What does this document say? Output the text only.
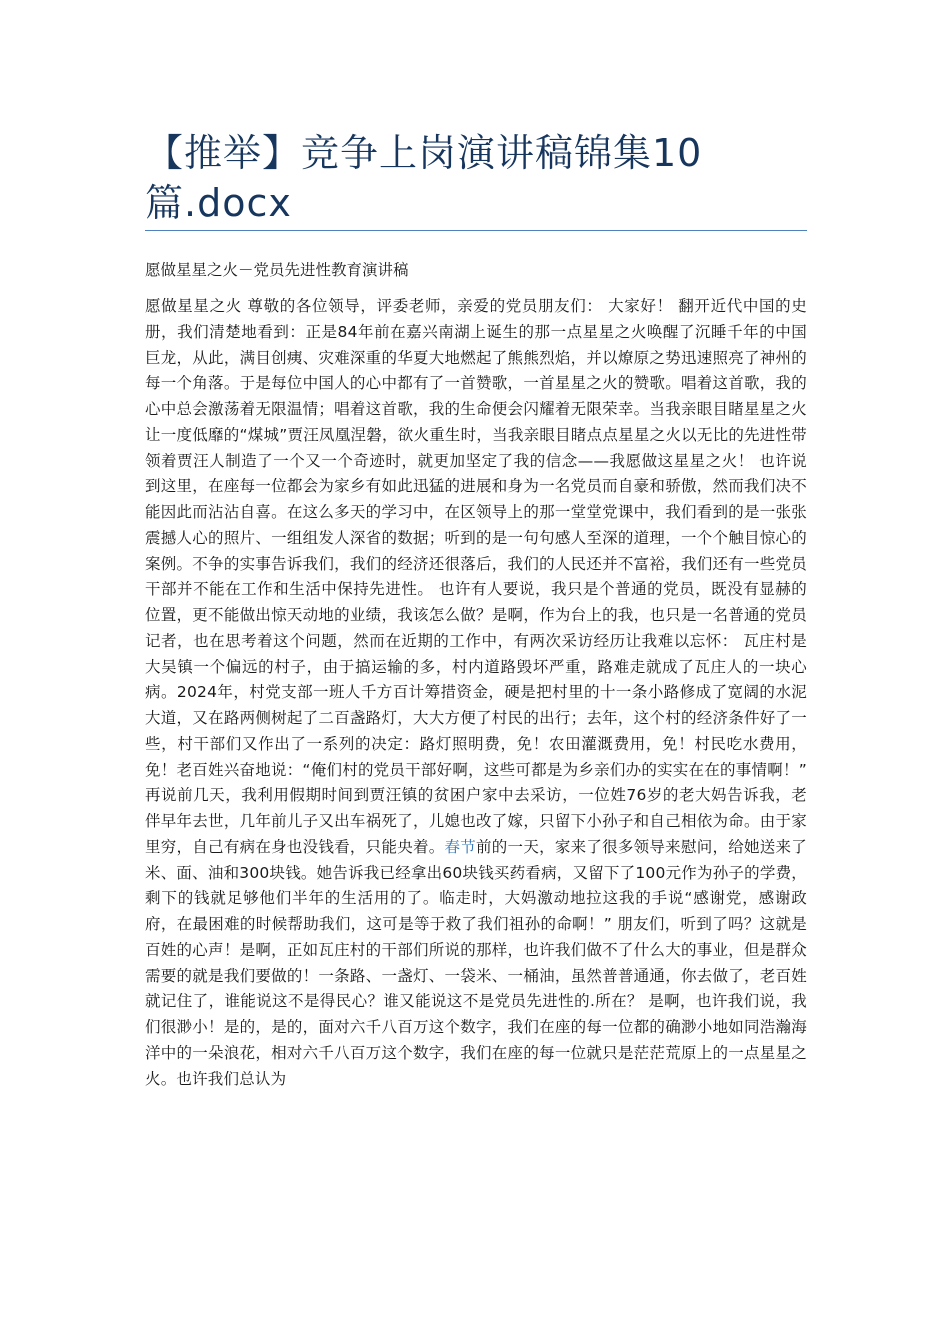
【推举】竞争上岗演讲稿锦集10篇.docx

愿做星星之火－党员先进性教育演讲稿

愿做星星之火 尊敬的各位领导，评委老师，亲爱的党员朋友们： 大家好！ 翻开近代中国的史册，我们清楚地看到：正是84年前在嘉兴南湖上诞生的那一点星星之火唤醒了沉睡千年的中国巨龙，从此，满目创痍、灾难深重的华夏大地燃起了熊熊烈焰，并以燎原之势迅速照亮了神州的每一个角落。于是每位中国人的心中都有了一首赞歌，一首星星之火的赞歌。唱着这首歌，我的心中总会激荡着无限温情；唱着这首歌，我的生命便会闪耀着无限荣幸。当我亲眼目睹星星之火让一度低靡的“煤城”贾汪凤凰涅磐，欲火重生时，当我亲眼目睹点点星星之火以无比的先进性带领着贾汪人制造了一个又一个奇迹时，就更加坚定了我的信念——我愿做这星星之火！ 也许说到这里，在座每一位都会为家乡有如此迅猛的进展和身为一名党员而自豪和骄傲，然而我们决不能因此而沾沾自喜。在这么多天的学习中，在区领导上的那一堂堂党课中，我们看到的是一张张震撼人心的照片、一组组发人深省的数据；听到的是一句句感人至深的道理，一个个触目惊心的案例。不争的实事告诉我们，我们的经济还很落后，我们的人民还并不富裕，我们还有一些党员干部并不能在工作和生活中保持先进性。 也许有人要说，我只是个普通的党员，既没有显赫的位置，更不能做出惊天动地的业绩，我该怎么做？是啊，作为台上的我，也只是一名普通的党员记者，也在思考着这个问题，然而在近期的工作中，有两次采访经历让我难以忘怀： 瓦庄村是大吴镇一个偏远的村子，由于搞运输的多，村内道路毁坏严重，路难走就成了瓦庄人的一块心病。2024年，村党支部一班人千方百计筹措资金，硬是把村里的十一条小路修成了宽阔的水泥大道，又在路两侧树起了二百盏路灯，大大方便了村民的出行；去年，这个村的经济条件好了一些，村干部们又作出了一系列的决定：路灯照明费，免！农田灌溉费用，免！村民吃水费用，免！老百姓兴奋地说：“俺们村的党员干部好啊，这些可都是为乡亲们办的实实在在的事情啊！” 再说前几天，我利用假期时间到贾汪镇的贫困户家中去采访，一位姓76岁的老大妈告诉我，老伴早年去世，几年前儿子又出车祸死了，儿媳也改了嫁，只留下小孙子和自己相依为命。由于家里穷，自己有病在身也没钱看，只能央着。春节前的一天，家来了很多领导来慰问，给她送来了米、面、油和300块钱。她告诉我已经拿出60块钱买药看病，又留下了100元作为孙子的学费，剩下的钱就足够他们半年的生活用的了。临走时，大妈激动地拉这我的手说“感谢党，感谢政府，在最困难的时候帮助我们，这可是等于救了我们祖孙的命啊！” 朋友们，听到了吗？这就是百姓的心声！是啊，正如瓦庄村的干部们所说的那样，也许我们做不了什么大的事业，但是群众需要的就是我们要做的！一条路、一盏灯、一袋米、一桶油，虽然普普通通，你去做了，老百姓就记住了，谁能说这不是得民心？谁又能说这不是党员先进性的.所在？ 是啊，也许我们说，我们很渺小！是的，是的，面对六千八百万这个数字，我们在座的每一位都的确渺小地如同浩瀚海洋中的一朵浪花，相对六千八百万这个数字，我们在座的每一位就只是茫茫荒原上的一点星星之火。也许我们总认为
